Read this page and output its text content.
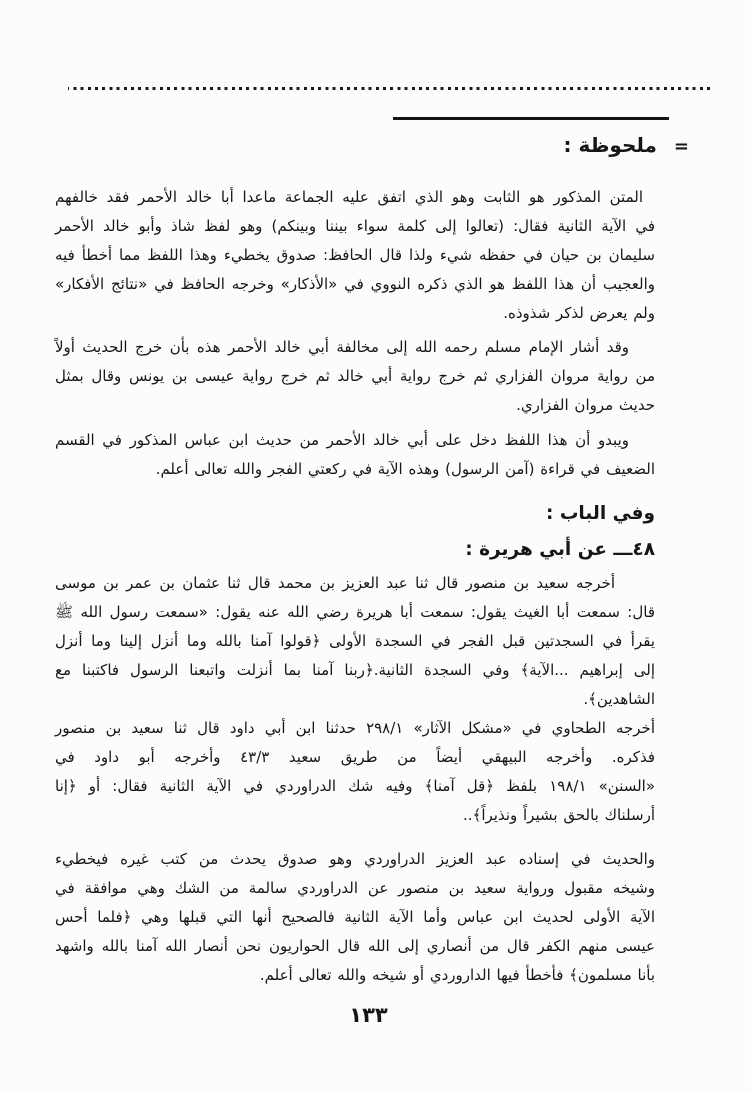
= ملحوظة :
المتن المذكور هو الثابت وهو الذي اتفق عليه الجماعة ماعدا أبا خالد الأحمر فقد خالفهم
في الآية الثانية فقال: (تعالوا إلى كلمة سواء بيننا وبينكم) وهو لفظ شاذ وأبو خالد الأحمر
سليمان بن حيان في حفظه شيء ولذا قال الحافظ: صدوق يخطيء وهذا اللفظ مما أخطأ فيه
والعجيب أن هذا اللفظ هو الذي ذكره النووي في «الأذكار» وخرجه الحافظ في «نتائج الأفكار»
ولم يعرض لذكر شذوذه.
وقد أشار الإمام مسلم رحمه الله إلى مخالفة أبي خالد الأحمر هذه بأن خرج الحديث أولاً
من رواية مروان الفزاري ثم خرج رواية أبي خالد ثم خرج رواية عيسى بن يونس وقال بمثل
حديث مروان الفزاري.
ويبدو أن هذا اللفظ دخل على أبي خالد الأحمر من حديث ابن عباس المذكور في القسم
الضعيف في قراءة (آمن الرسول) وهذه الآية في ركعتي الفجر والله تعالى أعلم.
وفي الباب :
٤٨ـــ عن أبي هريرة :
أخرجه سعيد بن منصور قال ثنا عبد العزيز بن محمد قال ثنا عثمان بن عمر بن موسى
قال: سمعت أبا الغيث يقول: سمعت أبا هريرة رضي الله عنه يقول: «سمعت رسول الله ﷺ
يقرأ في السجدتين قبل الفجر في السجدة الأولى ﴿قولوا آمنا بالله وما أنزل إلينا وما أنزل
إلى إبراهيم ...الآية﴾ وفي السجدة الثانية.﴿ربنا آمنا بما أنزلت واتبعنا الرسول فاكتبنا مع
الشاهدين﴾.
أخرجه الطحاوي في «مشكل الآثار» ٢٩٨/١ حدثنا ابن أبي داود قال ثنا سعيد بن منصور
فذكره. وأخرجه البيهقي أيضاً من طريق سعيد ٤٣/٣ وأخرجه أبو داود في
«السنن» ١٩٨/١ بلفظ ﴿قل آمنا﴾ وفيه شك الدراوردي في الآية الثانية فقال: أو ﴿إنا
أرسلناك بالحق بشيراً ونذيراً﴾..
والحديث في إسناده عبد العزيز الدراوردي وهو صدوق يحدث من كتب غيره فيخطيء
وشيخه مقبول ورواية سعيد بن منصور عن الدراوردي سالمة من الشك وهي موافقة في
الآية الأولى لحديث ابن عباس وأما الآية الثانية فالصحيح أنها التي قبلها وهي ﴿فلما أحس
عيسى منهم الكفر قال من أنصاري إلى الله قال الحواريون نحن أنصار الله آمنا بالله واشهد
بأنا مسلمون﴾ فأخطأ فيها الداروردي أو شيخه والله تعالى أعلم.
١٣٣
